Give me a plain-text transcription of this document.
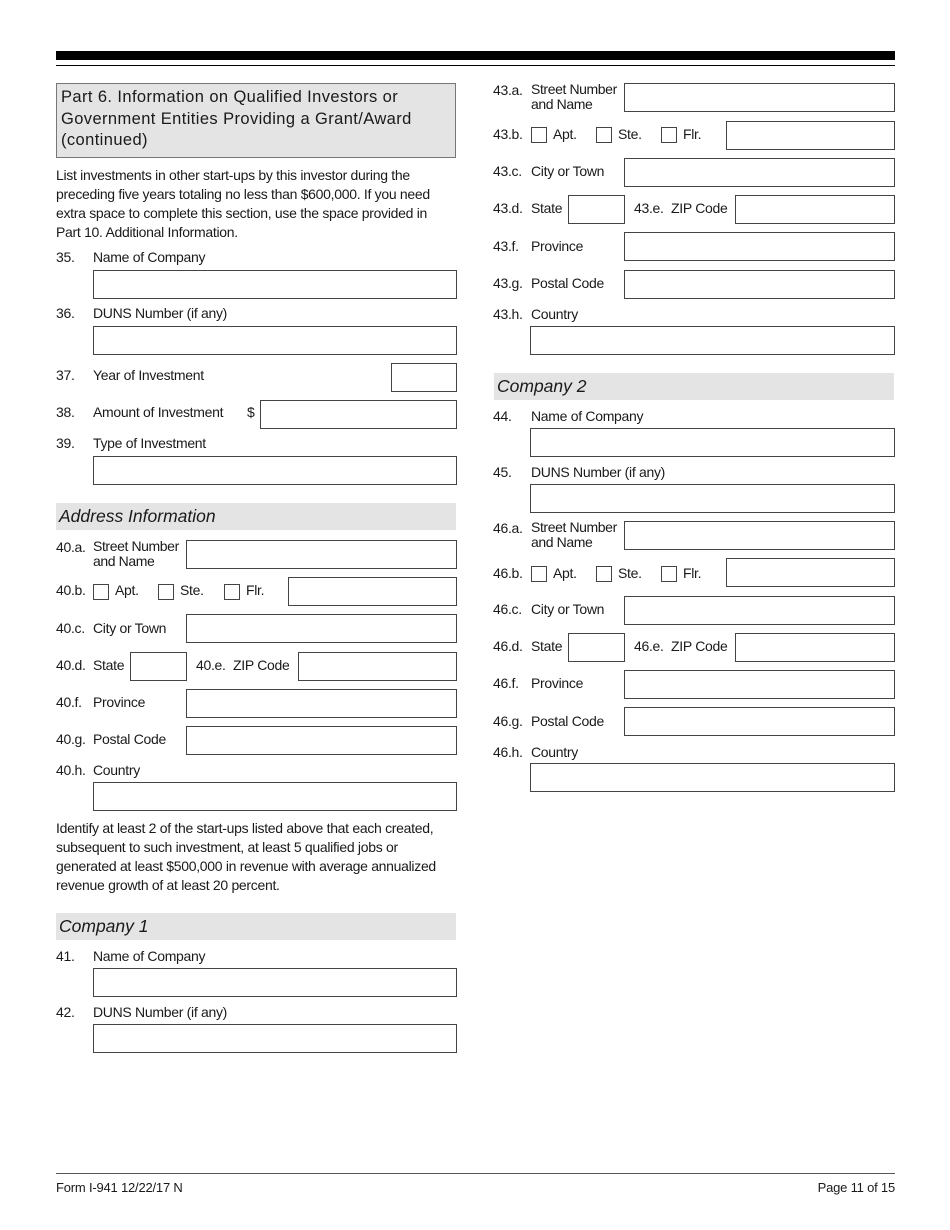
Part 6. Information on Qualified Investors or
Government Entities Providing a Grant/Award
(continued)
List investments in other start-ups by this investor during the
preceding five years totaling no less than $600,000. If you need
extra space to complete this section, use the space provided in
Part 10. Additional Information.
35. Name of Company
36. DUNS Number (if any)
37. Year of Investment
38. Amount of Investment $
39. Type of Investment
Address Information
40.a. Street Number
and Name
40.b. Apt.	Ste.	Flr.
40.c. City or Town
40.d. State	40.e. ZIP Code
40.f. Province
40.g. Postal Code
40.h. Country
Identify at least 2 of the start-ups listed above that each created,
subsequent to such investment, at least 5 qualified jobs or
generated at least $500,000 in revenue with average annualized
revenue growth of at least 20 percent.
Company 1
41. Name of Company
42. DUNS Number (if any)
43.a. Street Number
and Name
43.b. Apt.	Ste.	Flr.
43.c. City or Town
43.d. State	43.e. ZIP Code
43.f. Province
43.g. Postal Code
43.h. Country
Company 2
44. Name of Company
45. DUNS Number (if any)
46.a. Street Number
and Name
46.b. Apt.	Ste.	Flr.
46.c. City or Town
46.d. State	46.e. ZIP Code
46.f. Province
46.g. Postal Code
46.h. Country
Form I-941 12/22/17 N	Page 11 of 15
